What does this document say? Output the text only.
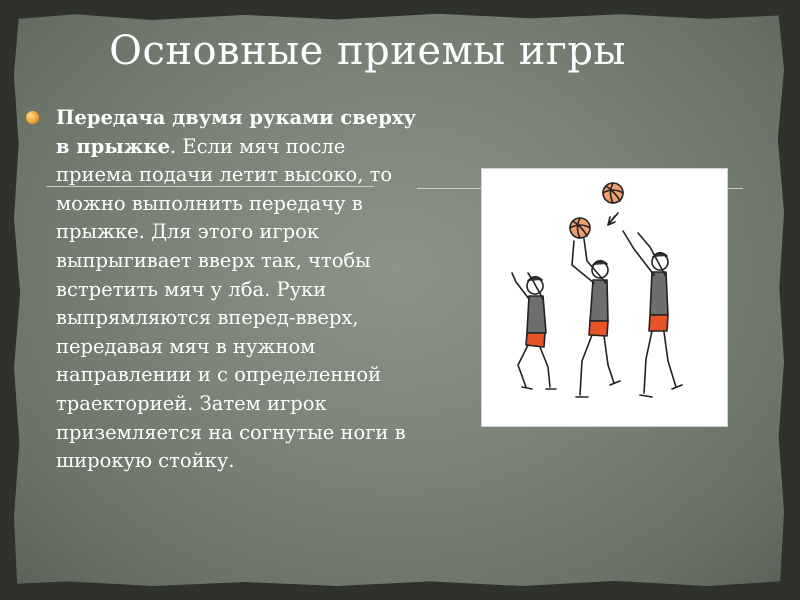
Основные приемы игры

Передача двумя руками сверху в прыжке. Если мяч после приема подачи летит высоко, то можно выполнить передачу в прыжке. Для этого игрок выпрыгивает вверх так, чтобы встретить мяч у лба. Руки выпрямляются вперед-вверх, передавая мяч в нужном направлении и с определенной траекторией. Затем игрок приземляется на согнутые ноги в широкую стойку.
